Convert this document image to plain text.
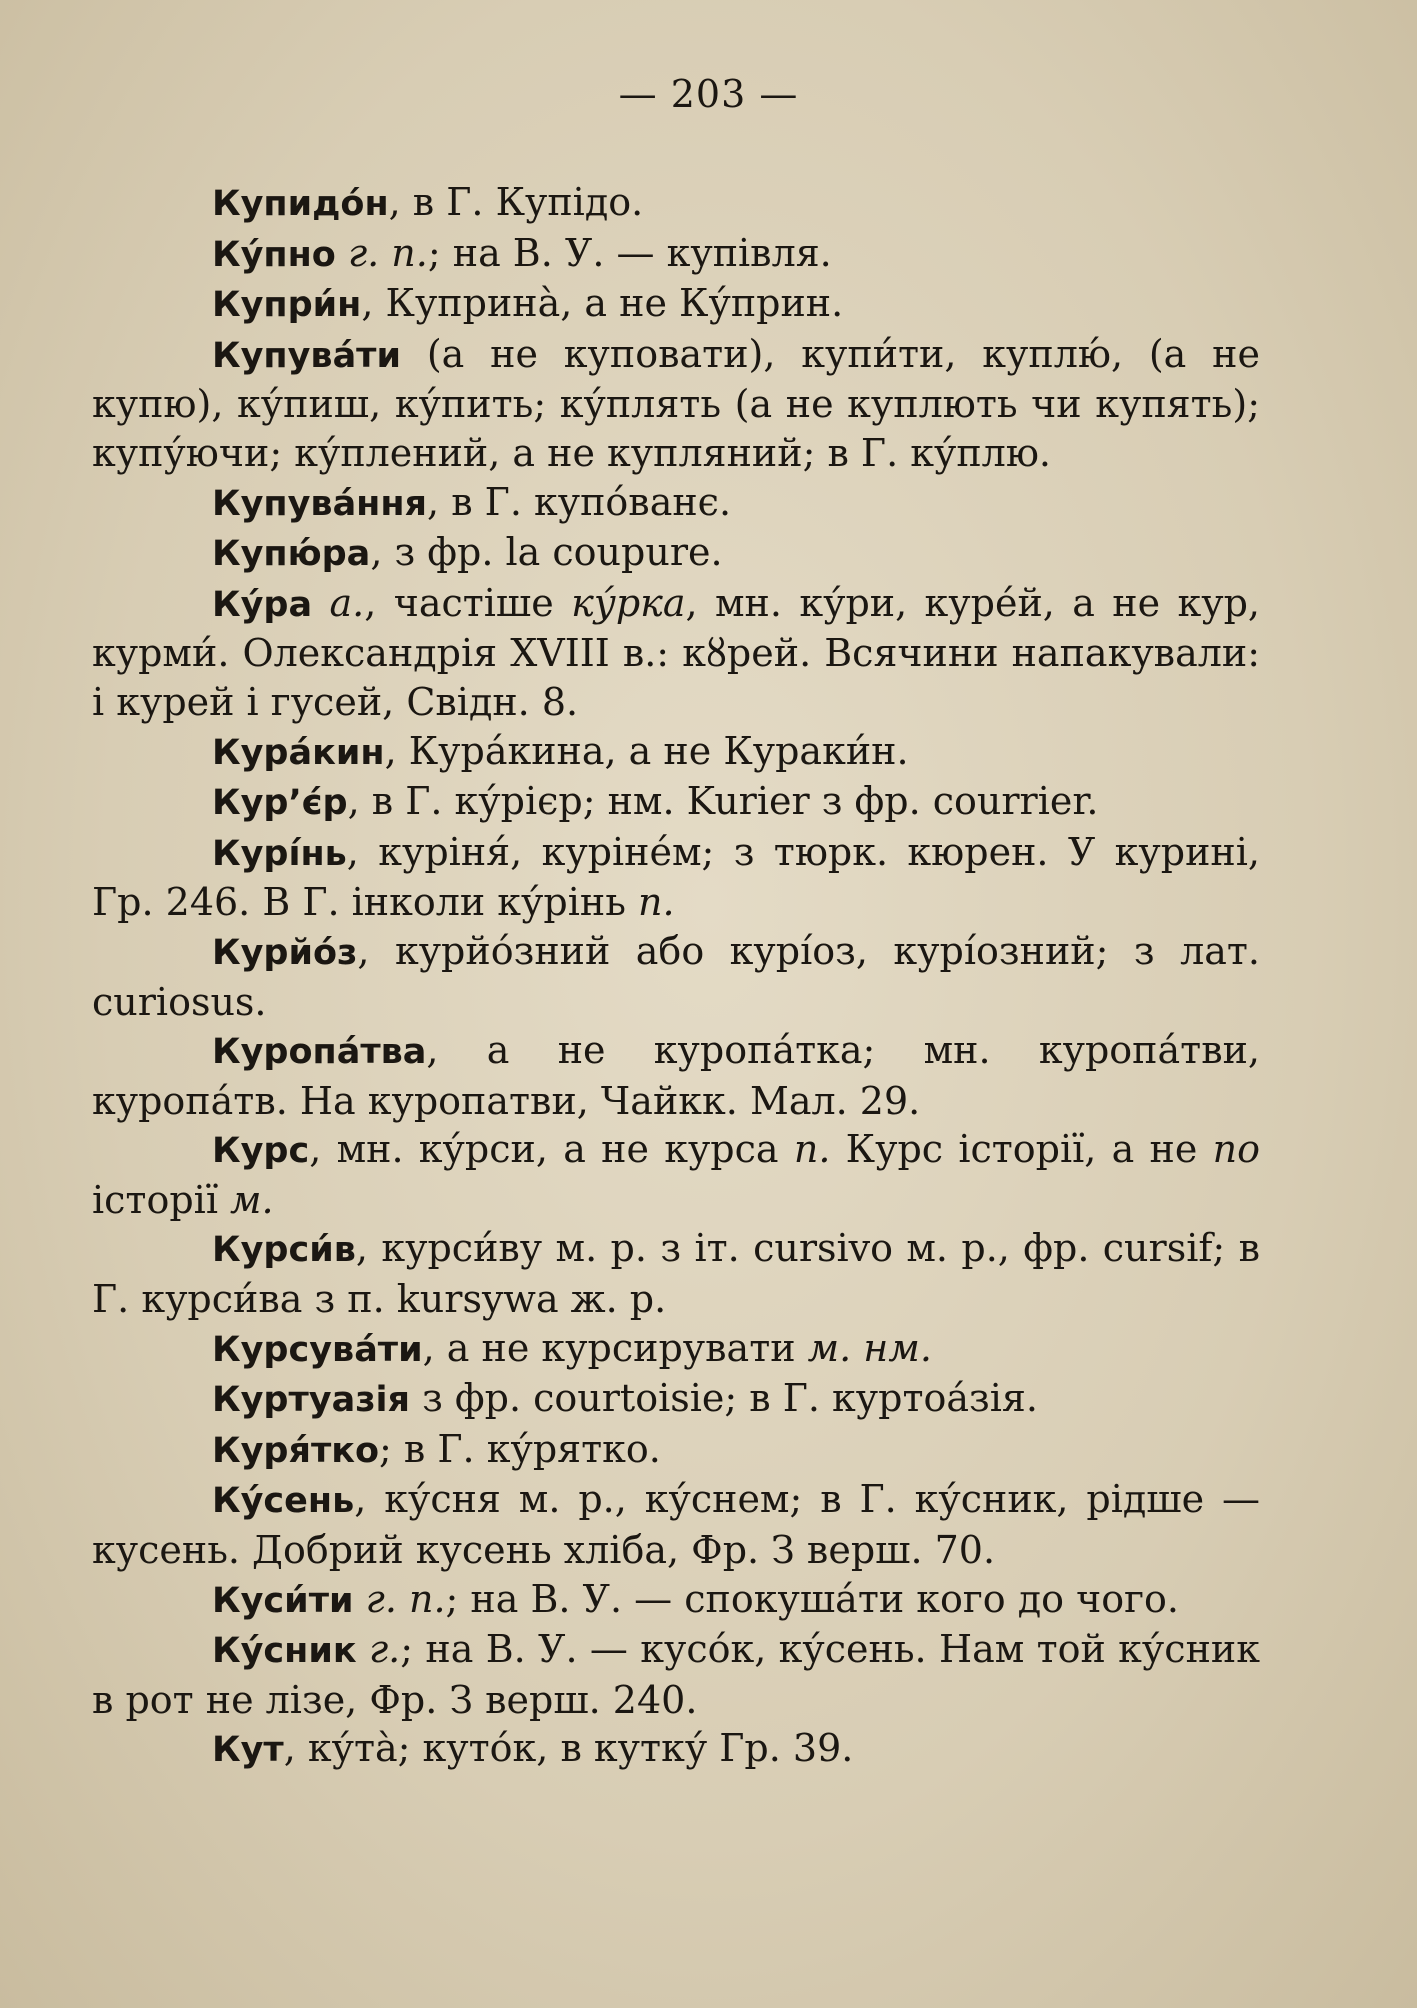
— 203 —

Купидо́н, в Г. Купідо.

Ку́пно г. п.; на В. У. — купівля.

Купри́н, Куприна̀, а не Ку́прин.

Купува́ти (а не куповати), купи́ти, куплю́, (а не купю), ку́пиш, ку́пить; ку́плять (а не куплють чи купять); купу́ючи; ку́плений, а не купляний; в Г. ку́плю.

Купува́ння, в Г. купо́ванє.

Купю́ра, з фр. la coupure.

Ку́ра а., частіше ку́рка, мн. ку́ри, куре́й, а не кур, курми́. Олександрія XVIII в.: кȣрей. Всячини напакували: і курей і гусей, Свідн. 8.

Кура́кин, Кура́кина, а не Кураки́н.

Кур’є́р, в Г. ку́рієр; нм. Kurier з фр. courrier.

Курі́нь, куріня́, курінéм; з тюрк. кюрен. У курині, Гр. 246. В Г. інколи ку́рінь п.

Курйо́з, курйо́зний або курі́оз, курі́озний; з лат. curiosus.

Куропа́тва, а не куропа́тка; мн. куропа́тви, куропа́тв. На куропатви, Чайкк. Мал. 29.

Курс, мн. ку́рси, а не курса п. Курс історії, а не по історії м.

Курси́в, курси́ву м. р. з іт. cursivo м. р., фр. cursif; в Г. курси́ва з п. kursywa ж. р.

Курсува́ти, а не курсирувати м. нм.

Куртуазія з фр. courtoisie; в Г. куртоа́зія.

Куря́тко; в Г. ку́рятко.

Ку́сень, ку́сня м. р., ку́снем; в Г. ку́сник, рідше — кусень. Добрий кусень хліба, Фр. З верш. 70.

Куси́ти г. п.; на В. У. — спокуша́ти кого до чого.

Ку́сник г.; на В. У. — кусо́к, ку́сень. Нам той ку́сник в рот не лізе, Фр. З верш. 240.

Кут, ку́та̀; куто́к, в кутку́ Гр. 39.
